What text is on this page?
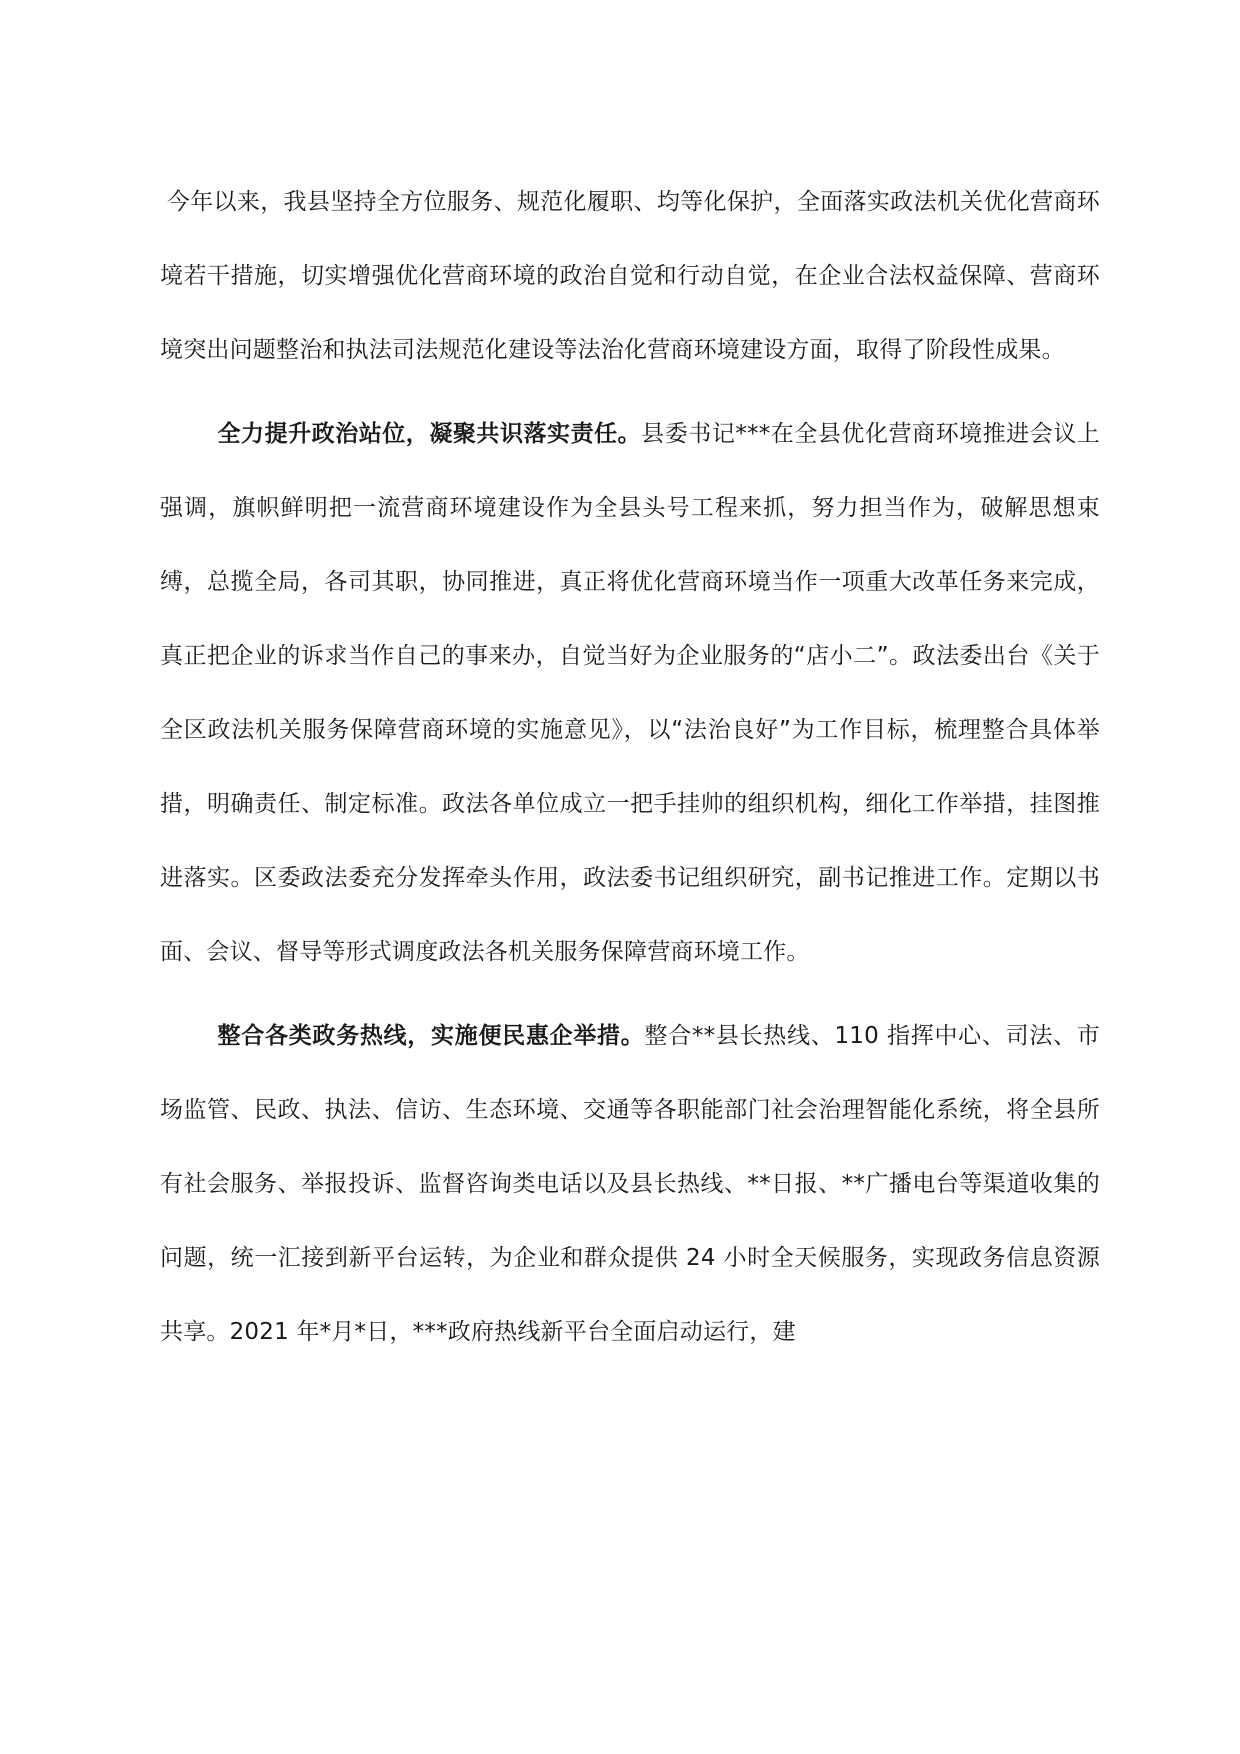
今年以来，我县坚持全方位服务、规范化履职、均等化保护，全面落实政法机关优化营商环境若干措施，切实增强优化营商环境的政治自觉和行动自觉，在企业合法权益保障、营商环境突出问题整治和执法司法规范化建设等法治化营商环境建设方面，取得了阶段性成果。

全力提升政治站位，凝聚共识落实责任。县委书记***在全县优化营商环境推进会议上强调，旗帜鲜明把一流营商环境建设作为全县头号工程来抓，努力担当作为，破解思想束缚，总揽全局，各司其职，协同推进，真正将优化营商环境当作一项重大改革任务来完成，真正把企业的诉求当作自己的事来办，自觉当好为企业服务的“店小二”。政法委出台《关于全区政法机关服务保障营商环境的实施意见》，以“法治良好”为工作目标，梳理整合具体举措，明确责任、制定标准。政法各单位成立一把手挂帅的组织机构，细化工作举措，挂图推进落实。区委政法委充分发挥牵头作用，政法委书记组织研究，副书记推进工作。定期以书面、会议、督导等形式调度政法各机关服务保障营商环境工作。

整合各类政务热线，实施便民惠企举措。整合**县长热线、110 指挥中心、司法、市场监管、民政、执法、信访、生态环境、交通等各职能部门社会治理智能化系统，将全县所有社会服务、举报投诉、监督咨询类电话以及县长热线、**日报、**广播电台等渠道收集的问题，统一汇接到新平台运转，为企业和群众提供 24 小时全天候服务，实现政务信息资源共享。2021 年*月*日，***政府热线新平台全面启动运行，建
